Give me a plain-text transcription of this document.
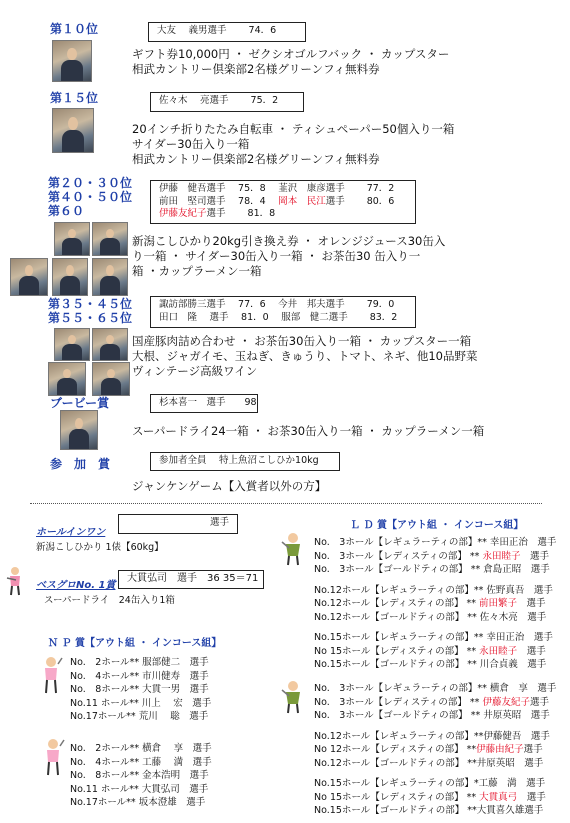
第１０位	大友　 義男選手　　 74．6
ギフト券10,000円 ・ ゼクシオゴルフバック ・ カップスター
相武カントリー倶楽部2名様グリーンフィ無料券
第１５位	佐々木　 亮選手　　 75．2
20インチ折りたたみ自転車 ・ ティシュペーパー50個入り一箱
サイダー30缶入り一箱
相武カントリー倶楽部2名様グリーンフィ無料券
第２０・３０位
第４０・５０位
第６０
伊藤　健吾選手　 75．8　 韮沢　康彦選手　　 77．2
前田　堅司選手　 78．4　 岡本　民江選手　　 80．6
伊藤友紀子選手　　 81．8
新潟こしひかり20kg引き換え券 ・ オレンジジュース30缶入
り一箱 ・ サイダー30缶入り一箱 ・ お茶缶30 缶入り一
箱 ・カップラーメン一箱
第３５・４５位
第５５・６５位
諏訪部勝三選手　 77．6　 今井　邦夫選手　　 79．0
田口　隆　 選手　 81．0　 服部　健二選手　　 83．2
国産豚肉詰め合わせ ・ お茶缶30缶入り一箱 ・ カップスター一箱
大根、ジャガイモ、玉ねぎ、きゅうり、トマト、ネギ、他10品野菜
ヴィンテージ高級ワイン
ブービー賞	杉本喜一　選手　　98
スーパードライ24一箱 ・ お茶30缶入り一箱 ・ カップラーメン一箱
参　加　賞	参加者全員　 特上魚沼こしひか10kg
ジャンケンゲーム【入賞者以外の方】
ホールインワン
選手
新潟こしひかり 1俵【60kg】
ベスグロNo. 1賞
大貫弘司　選手　36 35＝71
スーパードライ　24缶入り1箱
Ｎ Ｐ 賞【アウト組 ・ インコース組】
No.　2ホール** 服部健二　選手
No.　4ホール** 市川健寿　選手
No.　8ホール** 大貫一男　選手
No.11 ホール** 川上　 宏　選手
No.17ホール** 荒川　 聡　選手
No.　2ホール** 横倉　 享　選手
No.　4ホール** 工藤　 満　選手
No.　8ホール** 金本浩明　選手
No.11 ホール** 大貫弘司　選手
No.17ホール** 坂本澄雄　選手
Ｌ Ｄ 賞【アウト組 ・ インコース組】
No.　3ホール【レギュラーティの部】** 幸田正治　選手
No.　3ホール【レディスティの部】 ** 永田睦子　選手
No.　3ホール【ゴールドティの部】 ** 倉島正昭　選手
No.12ホール【レギュラーティの部】** 佐野真吾　選手
No.12ホール【レディスティの部】 ** 前田繁子　選手
No.12ホール【ゴールドティの部】 ** 佐々木亮　選手
No.15ホール【レギュラーティの部】** 幸田正治　選手
No 15ホール【レディスティの部】 ** 永田睦子　選手
No.15ホール【ゴールドティの部】 ** 川合貞義　選手
No.　3ホール【レギュラーティの部】** 横倉　享　選手
No.　3ホール【レディスティの部】 ** 伊藤友紀子選手
No.　3ホール【ゴールドティの部】 ** 井原英昭　選手
No.12ホール【レギュラーティの部】**伊藤健吾　選手
No 12ホール【レディスティの部】 **伊藤由紀子選手
No.12ホール【ゴールドティの部】 **井原英昭　選手
No.15ホール【レギュラーティの部】*工藤　満　選手
No 15ホール【レディスティの部】 ** 大貫真弓　選手
No.15ホール【ゴールドティの部】 **大貫喜久雄選手
